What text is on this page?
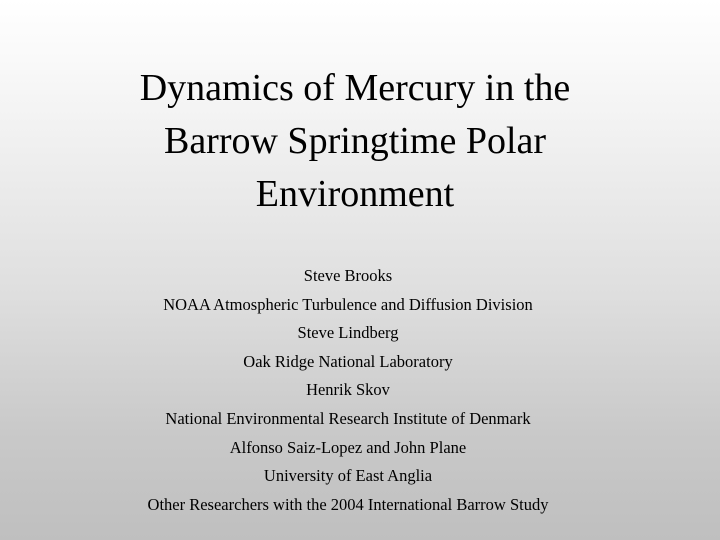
Dynamics of Mercury in the
Barrow Springtime Polar
Environment
Steve Brooks
NOAA Atmospheric Turbulence and Diffusion Division
Steve Lindberg
Oak Ridge National Laboratory
Henrik Skov
National Environmental Research Institute of Denmark
Alfonso Saiz-Lopez and John Plane
University of East Anglia
Other Researchers with the 2004 International Barrow Study
